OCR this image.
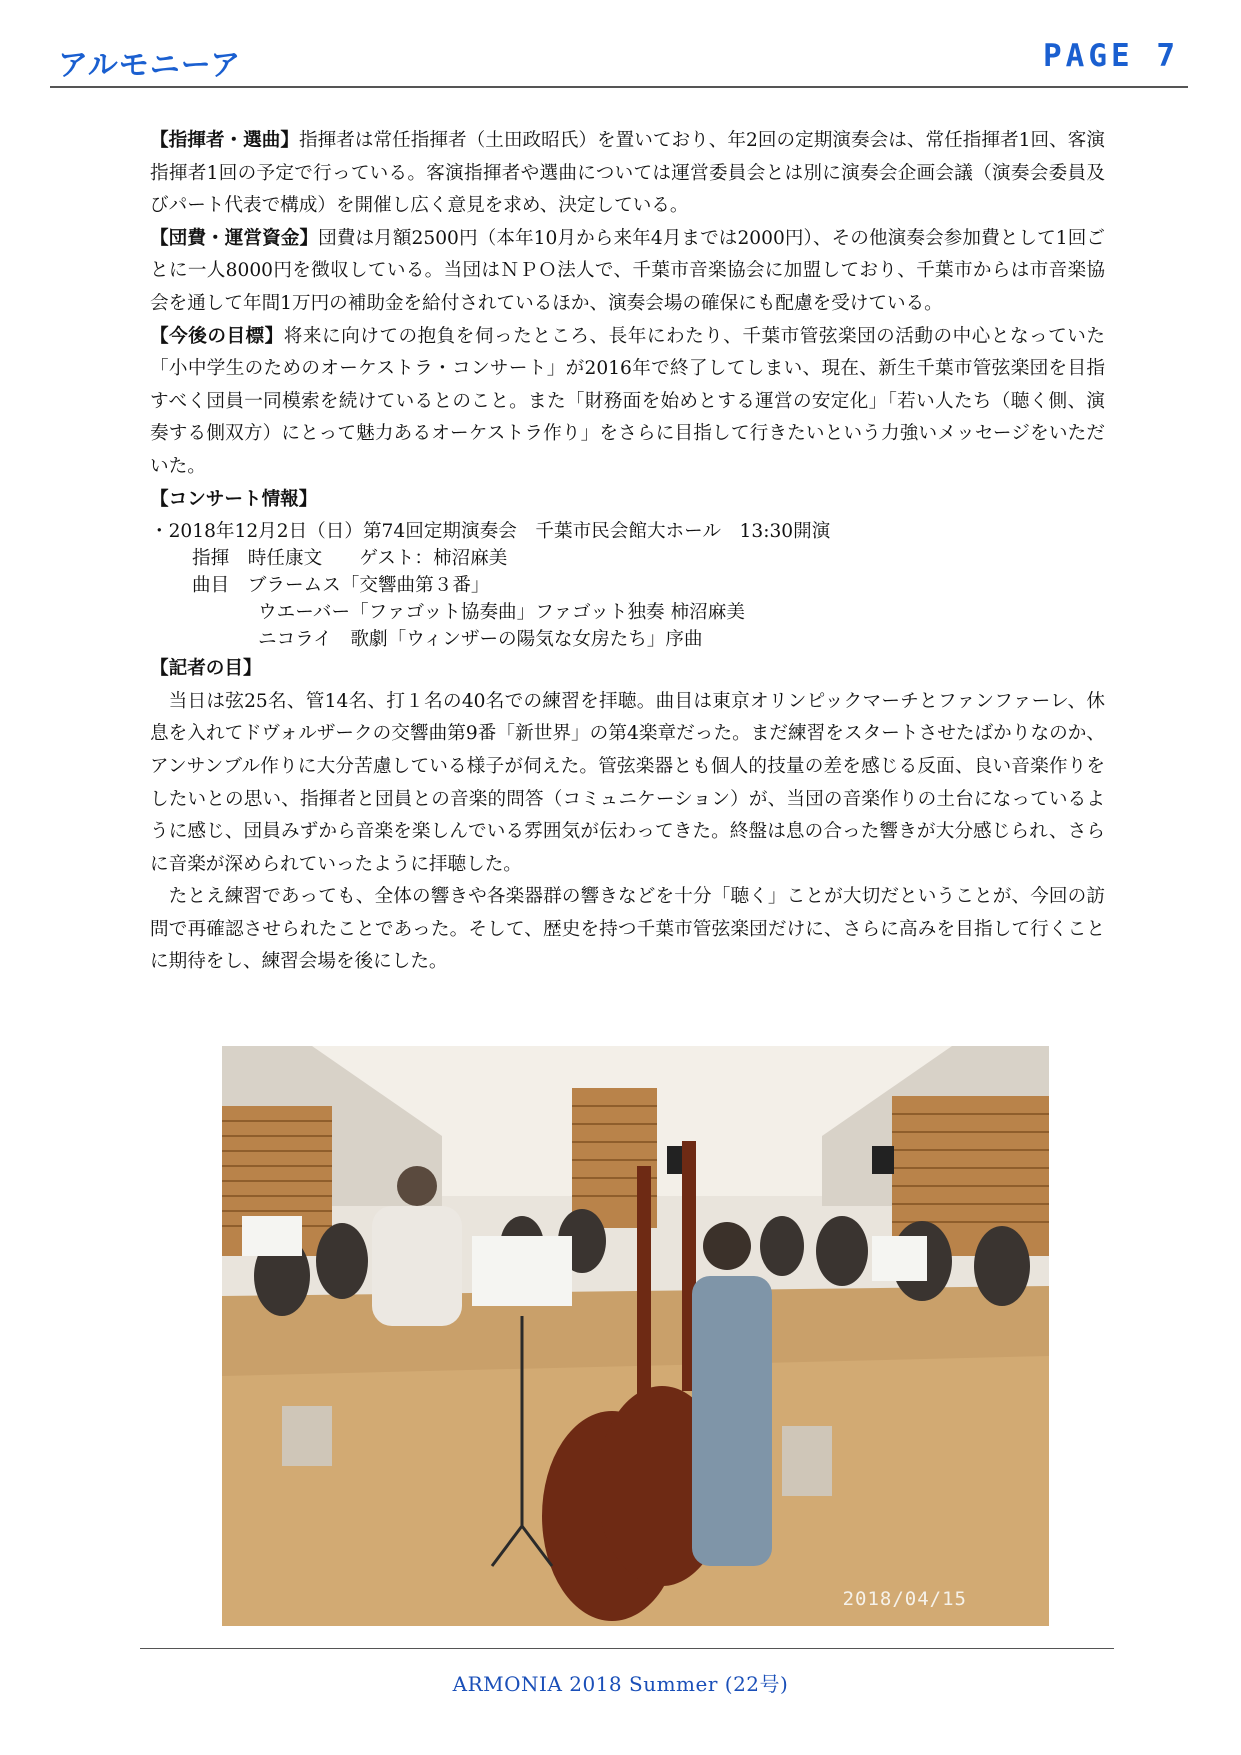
アルモニーア	PAGE 7

【指揮者・選曲】指揮者は常任指揮者（土田政昭氏）を置いており、年2回の定期演奏会は、常任指揮者1回、客演指揮者1回の予定で行っている。客演指揮者や選曲については運営委員会とは別に演奏会企画会議（演奏会委員及びパート代表で構成）を開催し広く意見を求め、決定している。

【団費・運営資金】団費は月額2500円（本年10月から来年4月までは2000円）、その他演奏会参加費として1回ごとに一人8000円を徴収している。当団はＮＰＯ法人で、千葉市音楽協会に加盟しており、千葉市からは市音楽協会を通して年間1万円の補助金を給付されているほか、演奏会場の確保にも配慮を受けている。

【今後の目標】将来に向けての抱負を伺ったところ、長年にわたり、千葉市管弦楽団の活動の中心となっていた「小中学生のためのオーケストラ・コンサート」が2016年で終了してしまい、現在、新生千葉市管弦楽団を目指すべく団員一同模索を続けているとのこと。また「財務面を始めとする運営の安定化」「若い人たち（聴く側、演奏する側双方）にとって魅力あるオーケストラ作り」をさらに目指して行きたいという力強いメッセージをいただいた。

【コンサート情報】

・2018年12月2日（日）第74回定期演奏会　千葉市民会館大ホール　13:30開演

指揮　時任康文　　ゲスト：柿沼麻美

曲目　ブラームス「交響曲第３番」

ウエーバー「ファゴット協奏曲」ファゴット独奏 柿沼麻美

ニコライ　歌劇「ウィンザーの陽気な女房たち」序曲

【記者の目】

当日は弦25名、管14名、打１名の40名での練習を拝聴。曲目は東京オリンピックマーチとファンファーレ、休息を入れてドヴォルザークの交響曲第9番「新世界」の第4楽章だった。まだ練習をスタートさせたばかりなのか、アンサンブル作りに大分苦慮している様子が伺えた。管弦楽器とも個人的技量の差を感じる反面、良い音楽作りをしたいとの思い、指揮者と団員との音楽的問答（コミュニケーション）が、当団の音楽作りの土台になっているように感じ、団員みずから音楽を楽しんでいる雰囲気が伝わってきた。終盤は息の合った響きが大分感じられ、さらに音楽が深められていったように拝聴した。

たとえ練習であっても、全体の響きや各楽器群の響きなどを十分「聴く」ことが大切だということが、今回の訪問で再確認させられたことであった。そして、歴史を持つ千葉市管弦楽団だけに、さらに高みを目指して行くことに期待をし、練習会場を後にした。

2018/04/15
ARMONIA 2018 Summer (22号)
